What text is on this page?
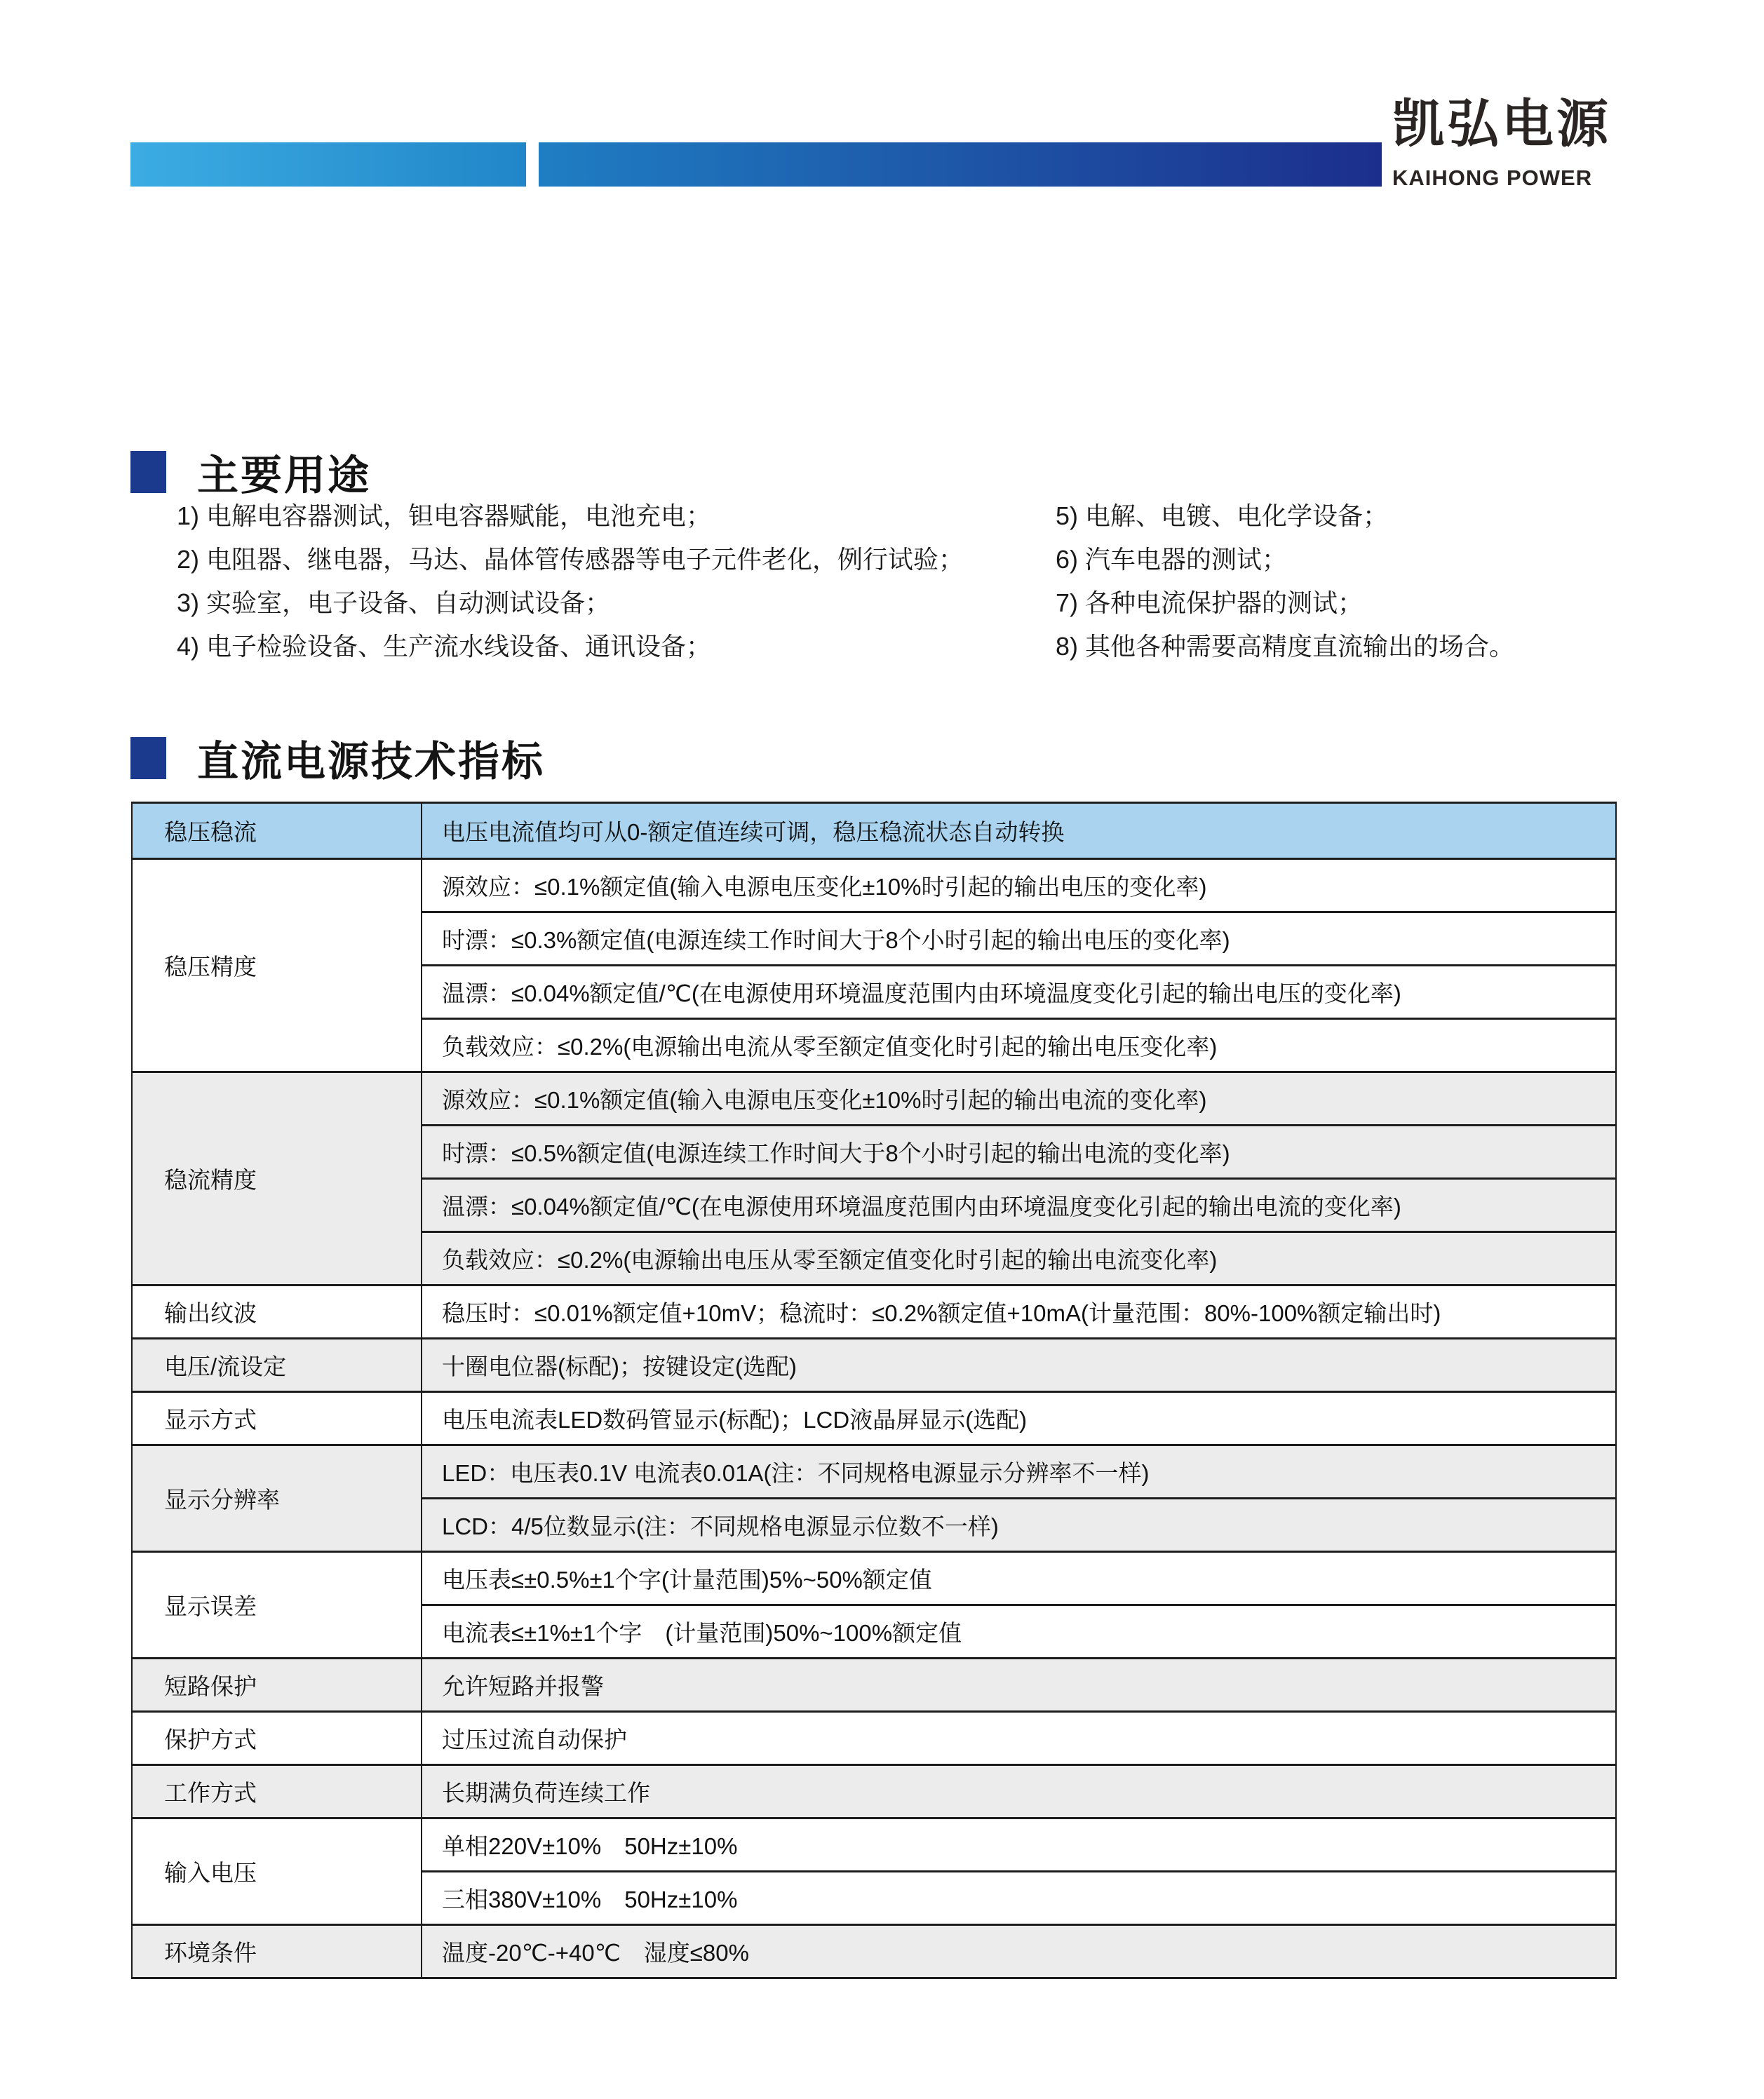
凯弘电源
KAIHONG POWER
主要用途
1) 电解电容器测试，钽电容器赋能，电池充电；
2) 电阻器、继电器，马达、晶体管传感器等电子元件老化，例行试验；
3) 实验室，电子设备、自动测试设备；
4) 电子检验设备、生产流水线设备、通讯设备；
5) 电解、电镀、电化学设备；
6) 汽车电器的测试；
7) 各种电流保护器的测试；
8) 其他各种需要高精度直流输出的场合。
直流电源技术指标
稳压稳流	电压电流值均可从0-额定值连续可调，稳压稳流状态自动转换
稳压精度	源效应：≤0.1%额定值(输入电源电压变化±10%时引起的输出电压的变化率)
	时漂：≤0.3%额定值(电源连续工作时间大于8个小时引起的输出电压的变化率)
	温漂：≤0.04%额定值/℃(在电源使用环境温度范围内由环境温度变化引起的输出电压的变化率)
	负载效应：≤0.2%(电源输出电流从零至额定值变化时引起的输出电压变化率)
稳流精度	源效应：≤0.1%额定值(输入电源电压变化±10%时引起的输出电流的变化率)
	时漂：≤0.5%额定值(电源连续工作时间大于8个小时引起的输出电流的变化率)
	温漂：≤0.04%额定值/℃(在电源使用环境温度范围内由环境温度变化引起的输出电流的变化率)
	负载效应：≤0.2%(电源输出电压从零至额定值变化时引起的输出电流变化率)
输出纹波	稳压时：≤0.01%额定值+10mV；稳流时：≤0.2%额定值+10mA(计量范围：80%-100%额定输出时)
电压/流设定	十圈电位器(标配)；按键设定(选配)
显示方式	电压电流表LED数码管显示(标配)；LCD液晶屏显示(选配)
显示分辨率	LED：电压表0.1V 电流表0.01A(注：不同规格电源显示分辨率不一样)
	LCD：4/5位数显示(注：不同规格电源显示位数不一样)
显示误差	电压表≤±0.5%±1个字(计量范围)5%~50%额定值
	电流表≤±1%±1个字　(计量范围)50%~100%额定值
短路保护	允许短路并报警
保护方式	过压过流自动保护
工作方式	长期满负荷连续工作
输入电压	单相220V±10%　50Hz±10%
	三相380V±10%　50Hz±10%
环境条件	温度-20℃-+40℃　湿度≤80%
